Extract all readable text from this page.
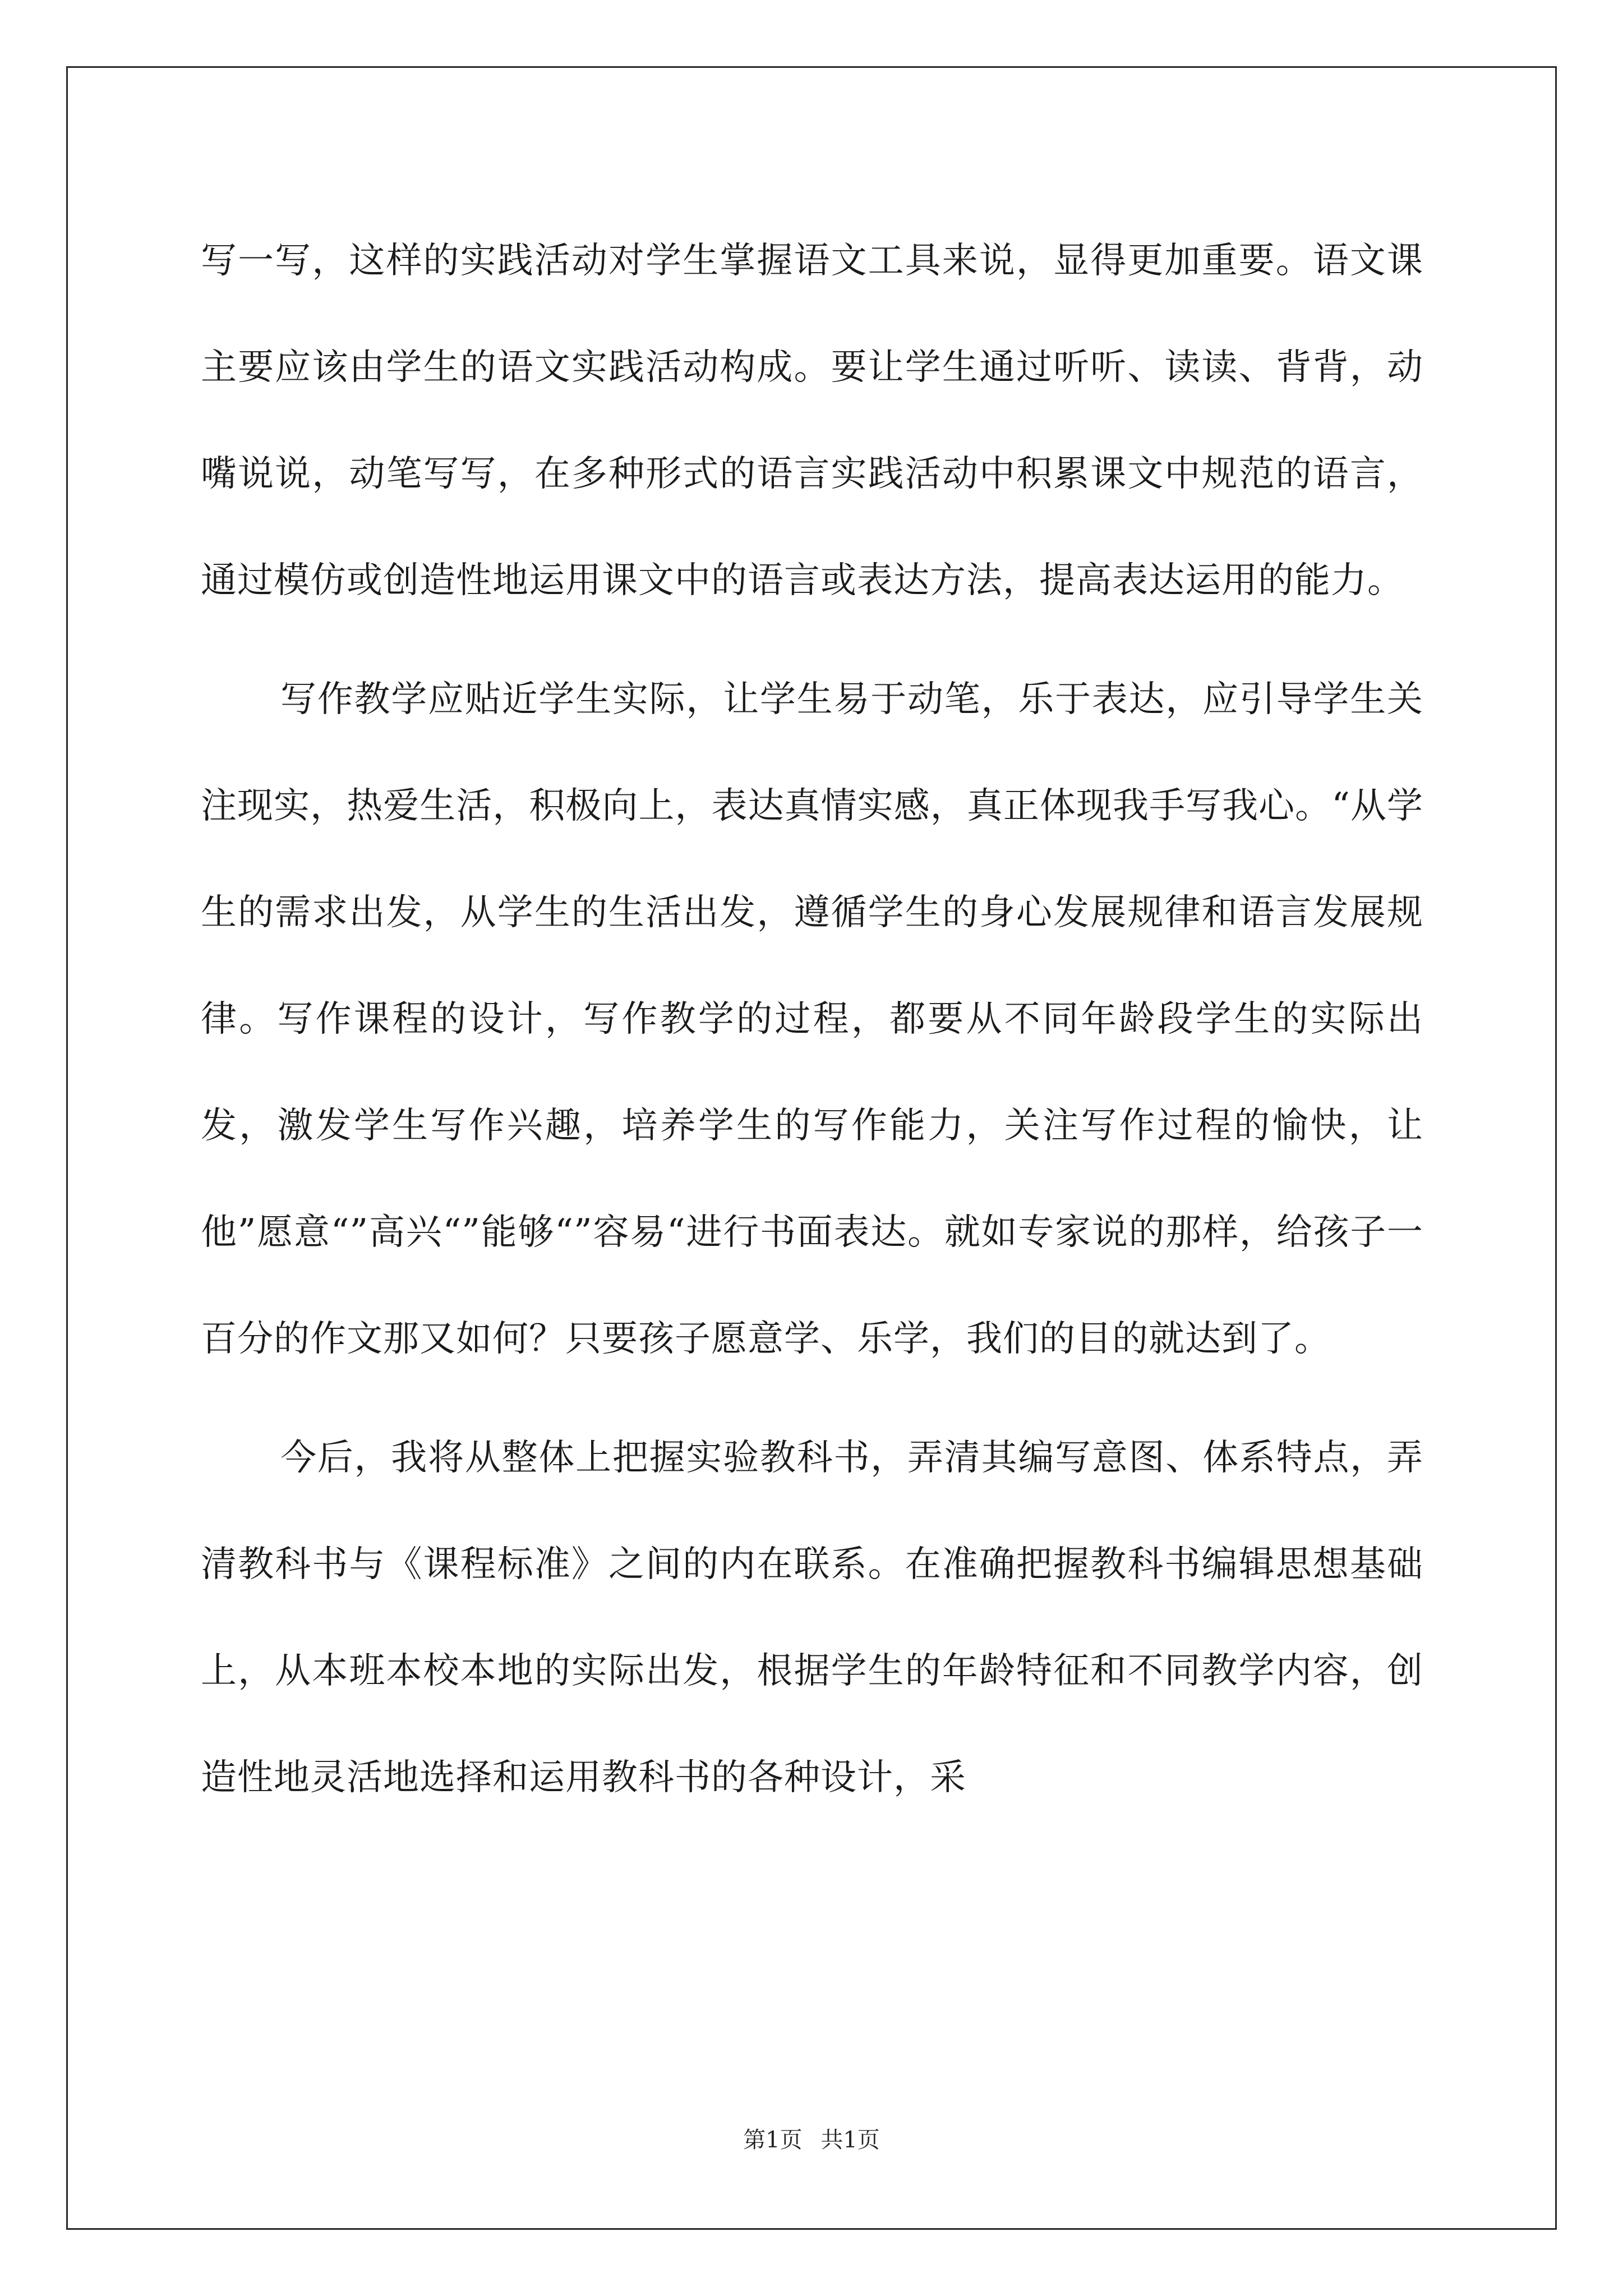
写一写，这样的实践活动对学生掌握语文工具来说，显得更加重要。语文课主要应该由学生的语文实践活动构成。要让学生通过听听、读读、背背，动嘴说说，动笔写写，在多种形式的语言实践活动中积累课文中规范的语言，通过模仿或创造性地运用课文中的语言或表达方法，提高表达运用的能力。

写作教学应贴近学生实际，让学生易于动笔，乐于表达，应引导学生关注现实，热爱生活，积极向上，表达真情实感，真正体现我手写我心。“从学生的需求出发，从学生的生活出发，遵循学生的身心发展规律和语言发展规律。写作课程的设计，写作教学的过程，都要从不同年龄段学生的实际出发，激发学生写作兴趣，培养学生的写作能力，关注写作过程的愉快，让他”愿意“”高兴“”能够“”容易“进行书面表达。就如专家说的那样，给孩子一百分的作文那又如何？只要孩子愿意学、乐学，我们的目的就达到了。

今后，我将从整体上把握实验教科书，弄清其编写意图、体系特点，弄清教科书与《课程标准》之间的内在联系。在准确把握教科书编辑思想基础上，从本班本校本地的实际出发，根据学生的年龄特征和不同教学内容，创造性地灵活地选择和运用教科书的各种设计，采

第1页 共1页
